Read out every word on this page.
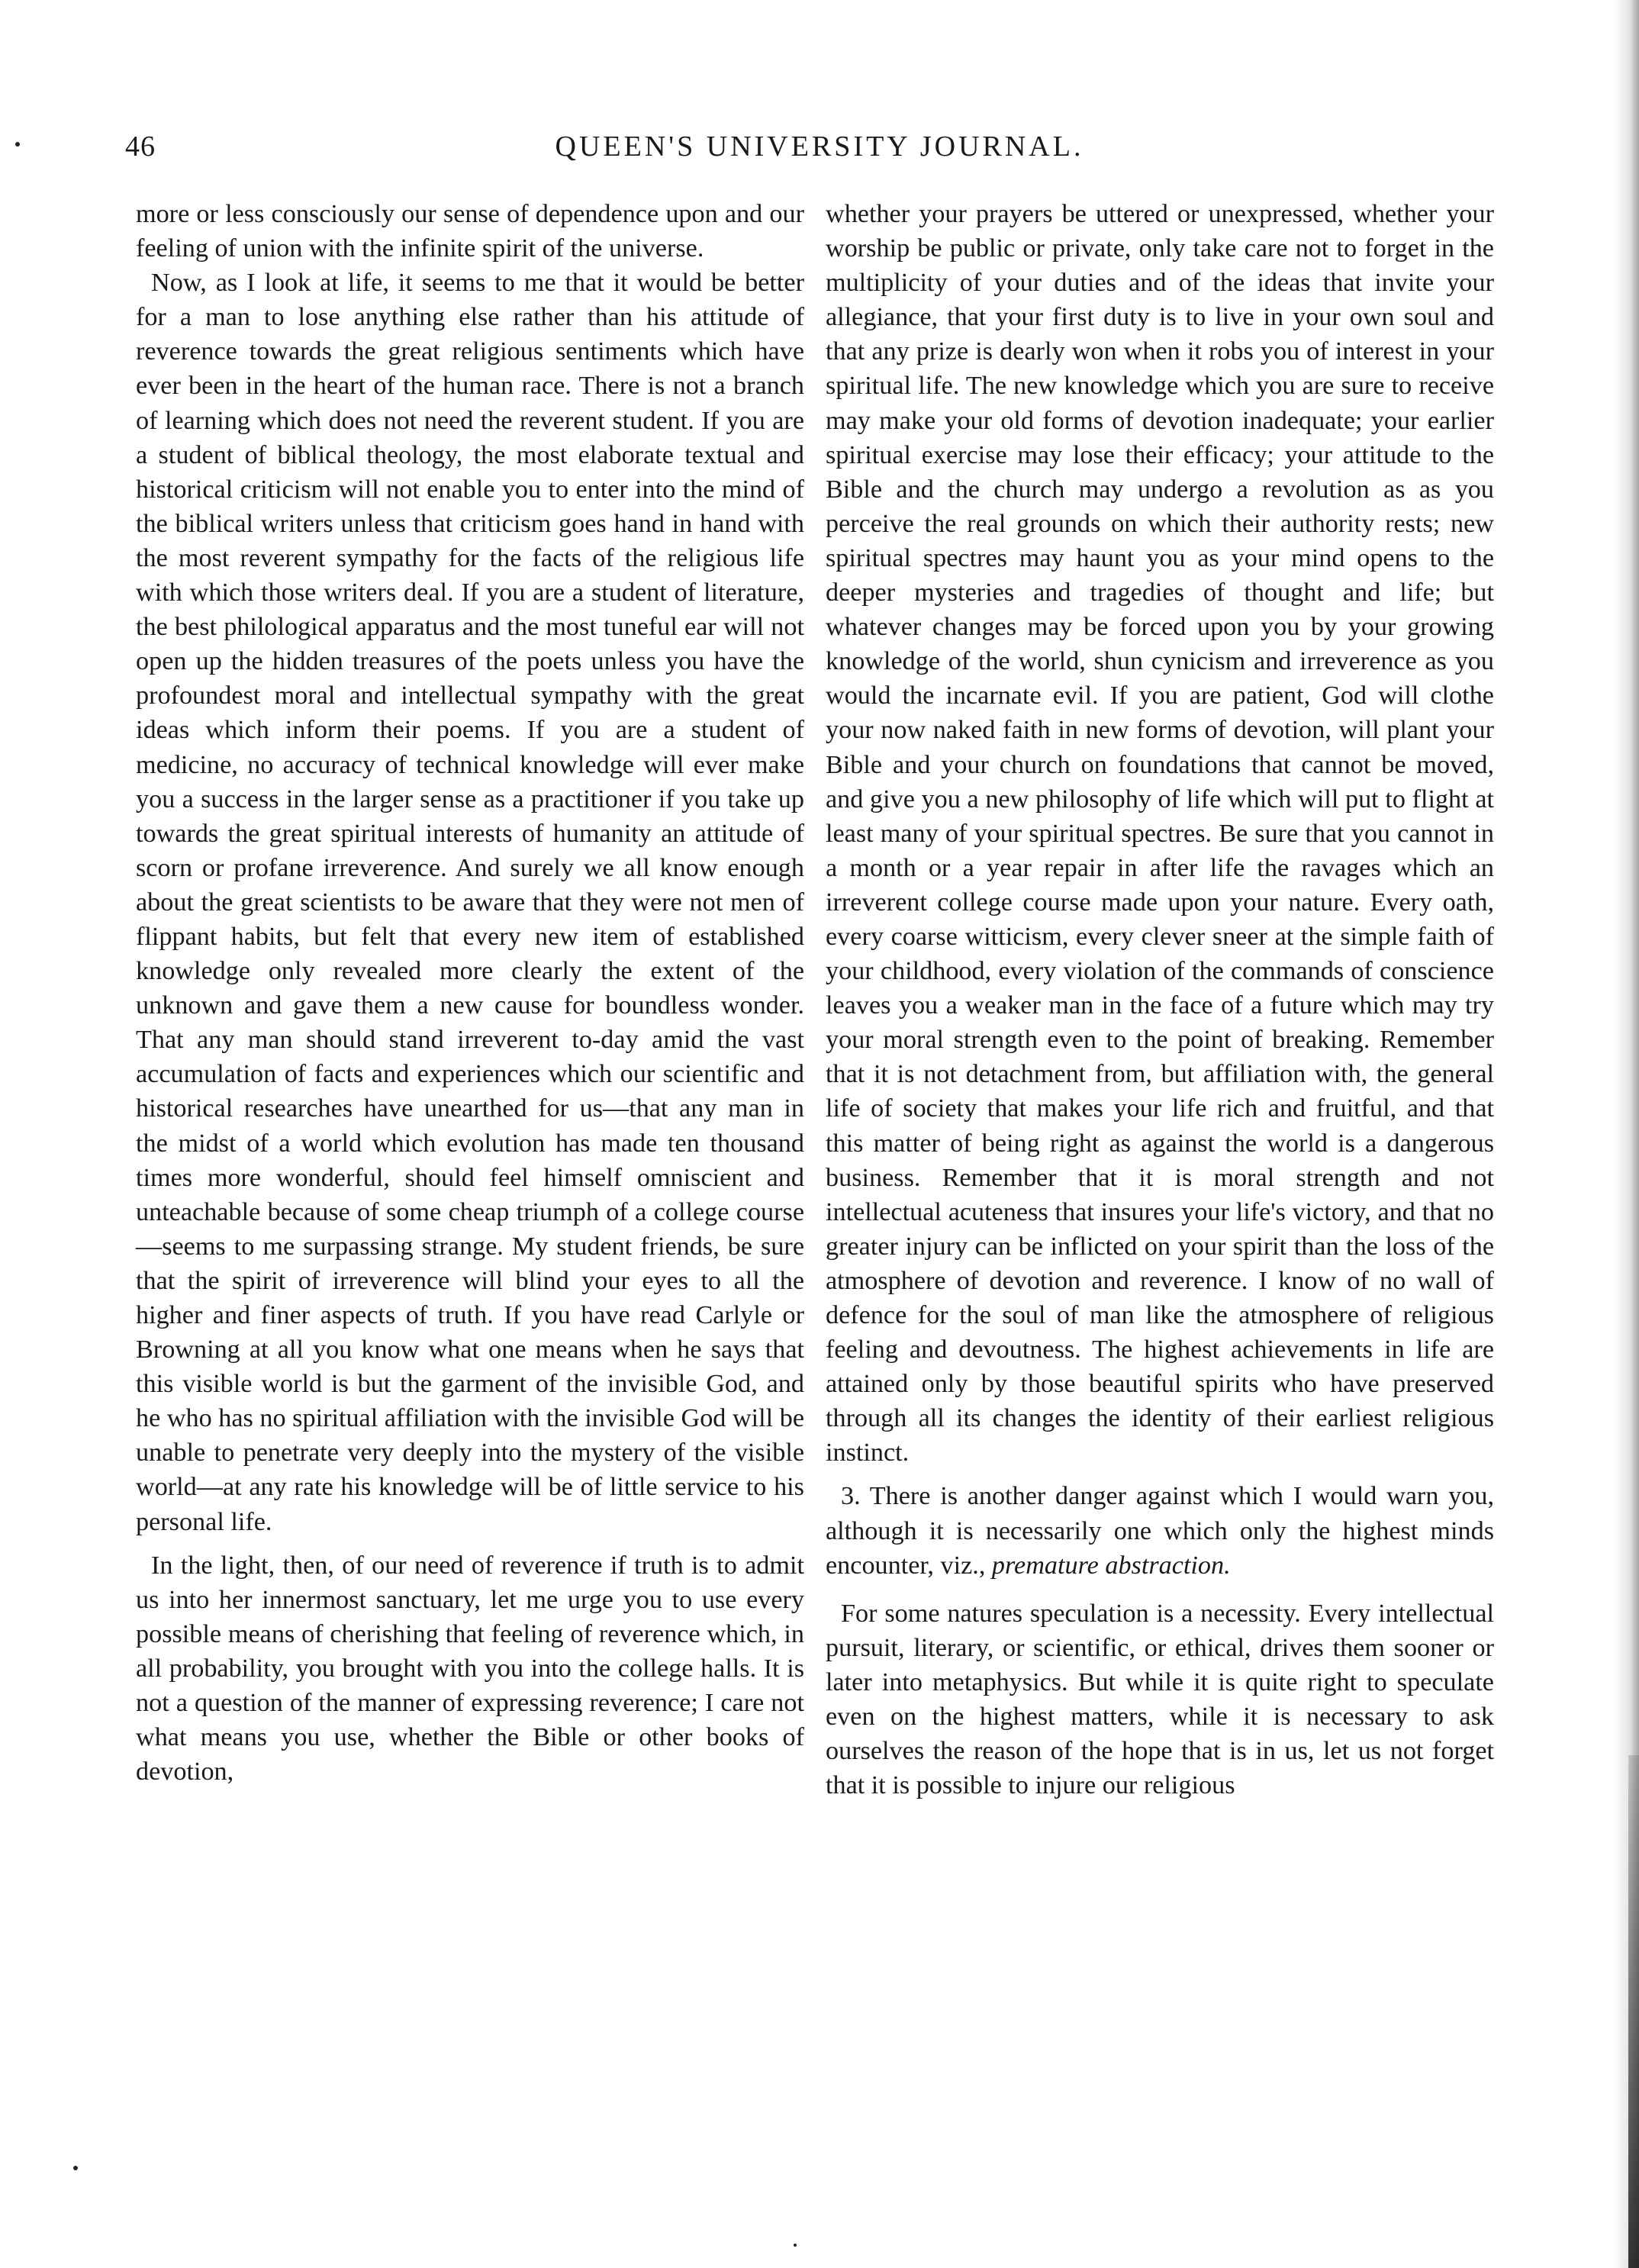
46	QUEEN'S UNIVERSITY JOURNAL.

more or less consciously our sense of dependence upon and our feeling of union with the infinite spirit of the universe.

Now, as I look at life, it seems to me that it would be better for a man to lose anything else rather than his attitude of reverence towards the great religious sentiments which have ever been in the heart of the human race. There is not a branch of learning which does not need the reverent student. If you are a student of biblical theology, the most elaborate textual and historical criticism will not enable you to enter into the mind of the biblical writers unless that criticism goes hand in hand with the most reverent sympathy for the facts of the religious life with which those writers deal. If you are a student of literature, the best philological apparatus and the most tuneful ear will not open up the hidden treasures of the poets unless you have the profoundest moral and intellectual sympathy with the great ideas which inform their poems. If you are a student of medicine, no accuracy of technical knowledge will ever make you a success in the larger sense as a practitioner if you take up towards the great spiritual interests of humanity an attitude of scorn or profane irreverence. And surely we all know enough about the great scientists to be aware that they were not men of flippant habits, but felt that every new item of established knowledge only revealed more clearly the extent of the unknown and gave them a new cause for boundless wonder. That any man should stand irreverent to-day amid the vast accumulation of facts and experiences which our scientific and historical researches have unearthed for us—that any man in the midst of a world which evolution has made ten thousand times more wonderful, should feel himself omniscient and unteachable because of some cheap triumph of a college course—seems to me surpassing strange. My student friends, be sure that the spirit of irreverence will blind your eyes to all the higher and finer aspects of truth. If you have read Carlyle or Browning at all you know what one means when he says that this visible world is but the garment of the invisible God, and he who has no spiritual affiliation with the invisible God will be unable to penetrate very deeply into the mystery of the visible world—at any rate his knowledge will be of little service to his personal life.

In the light, then, of our need of reverence if truth is to admit us into her innermost sanctuary, let me urge you to use every possible means of cherishing that feeling of reverence which, in all probability, you brought with you into the college halls. It is not a question of the manner of expressing reverence; I care not what means you use, whether the Bible or other books of devotion,

whether your prayers be uttered or unexpressed, whether your worship be public or private, only take care not to forget in the multiplicity of your duties and of the ideas that invite your allegiance, that your first duty is to live in your own soul and that any prize is dearly won when it robs you of interest in your spiritual life. The new knowledge which you are sure to receive may make your old forms of devotion inadequate; your earlier spiritual exercise may lose their efficacy; your attitude to the Bible and the church may undergo a revolution as as you perceive the real grounds on which their authority rests; new spiritual spectres may haunt you as your mind opens to the deeper mysteries and tragedies of thought and life; but whatever changes may be forced upon you by your growing knowledge of the world, shun cynicism and irreverence as you would the incarnate evil. If you are patient, God will clothe your now naked faith in new forms of devotion, will plant your Bible and your church on foundations that cannot be moved, and give you a new philosophy of life which will put to flight at least many of your spiritual spectres. Be sure that you cannot in a month or a year repair in after life the ravages which an irreverent college course made upon your nature. Every oath, every coarse witticism, every clever sneer at the simple faith of your childhood, every violation of the commands of conscience leaves you a weaker man in the face of a future which may try your moral strength even to the point of breaking. Remember that it is not detachment from, but affiliation with, the general life of society that makes your life rich and fruitful, and that this matter of being right as against the world is a dangerous business. Remember that it is moral strength and not intellectual acuteness that insures your life's victory, and that no greater injury can be inflicted on your spirit than the loss of the atmosphere of devotion and reverence. I know of no wall of defence for the soul of man like the atmosphere of religious feeling and devoutness. The highest achievements in life are attained only by those beautiful spirits who have preserved through all its changes the identity of their earliest religious instinct.

3. There is another danger against which I would warn you, although it is necessarily one which only the highest minds encounter, viz., premature abstraction.

For some natures speculation is a necessity. Every intellectual pursuit, literary, or scientific, or ethical, drives them sooner or later into metaphysics. But while it is quite right to speculate even on the highest matters, while it is necessary to ask ourselves the reason of the hope that is in us, let us not forget that it is possible to injure our religious
